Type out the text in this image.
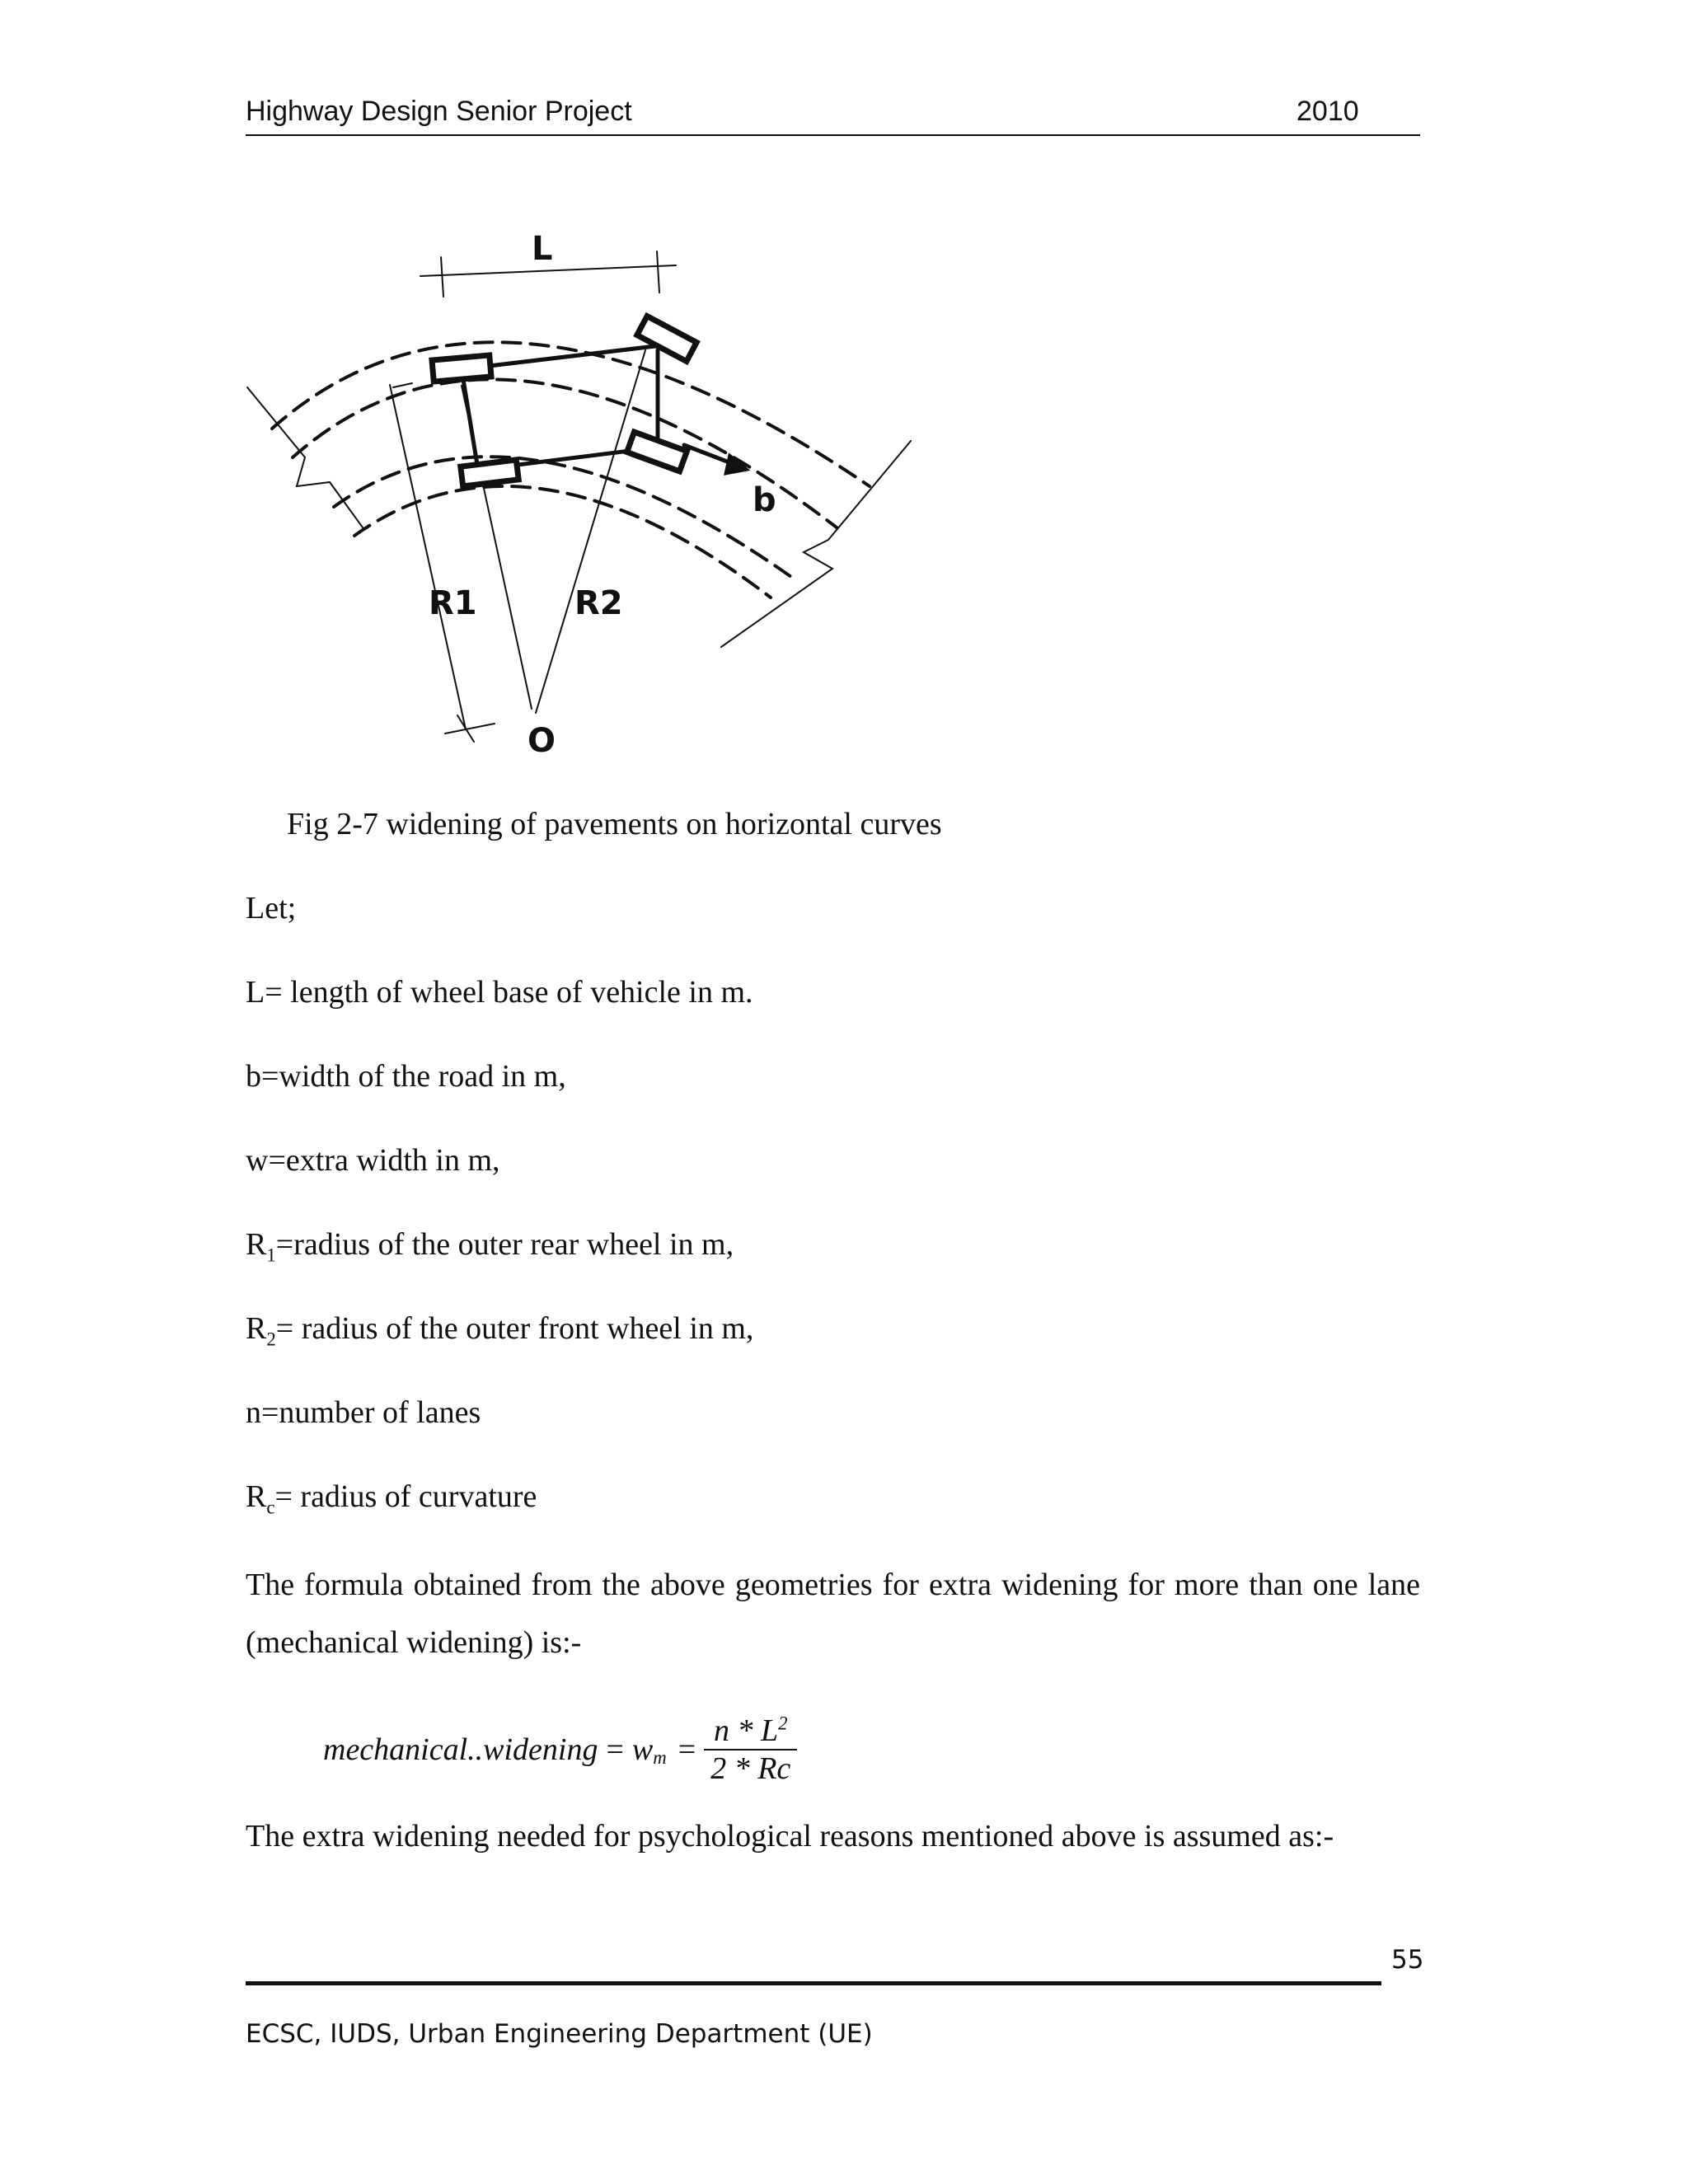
Highway Design Senior Project	2010
L
b
R1	R2
O
Fig 2-7 widening of pavements on horizontal curves
Let;
L= length of wheel base of vehicle in m.
b=width of the road in m,
w=extra width in m,
$R_1=radius$ of the outer rear wheel in m,
$R_2=$ radius of the outer front wheel in m,
n=number of lanes
$R_c=$ radius of curvature
The formula obtained from the above geometries for extra widening for more than one lane (mechanical widening) is:-
mechanical..widening = $w_m$ =
n * $L^2$
2 * Rc
The extra widening needed for psychological reasons mentioned above is assumed as:-
55
ECSC, IUDS, Urban Engineering Department (UE)
